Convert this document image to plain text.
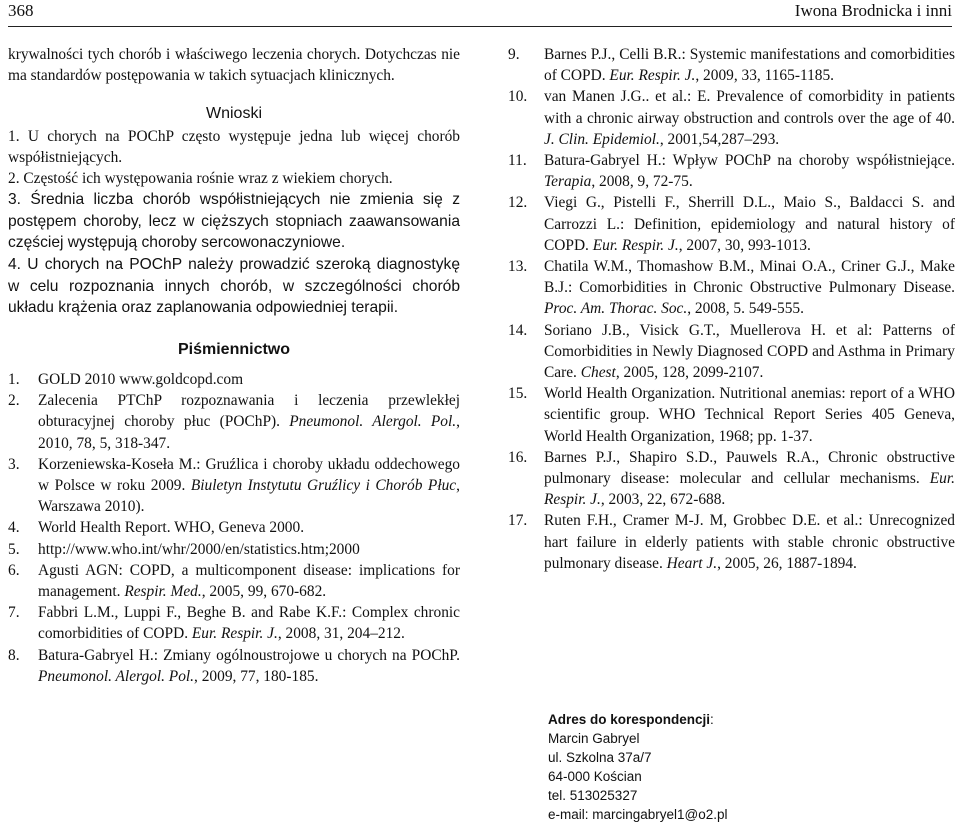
368	Iwona Brodnicka i inni

krywalności tych chorób i właściwego leczenia chorych. Dotychczas nie ma standardów postępowania w takich sytuacjach klinicznych.

Wnioski

1. U chorych na POChP często występuje jedna lub więcej chorób współistniejących.

2. Częstość ich występowania rośnie wraz z wiekiem chorych.

3. Średnia liczba chorób współistniejących nie zmienia się z postępem choroby, lecz w cięższych stopniach zaawansowania częściej występują choroby sercowonaczyniowe.

4. U chorych na POChP należy prowadzić szeroką diagnostykę w celu rozpoznania innych chorób, w szczególności chorób układu krążenia oraz zaplanowania odpowiedniej terapii.

Piśmiennictwo

1.	GOLD 2010 www.goldcopd.com
2.	Zalecenia PTChP rozpoznawania i leczenia przewlekłej obturacyjnej choroby płuc (POChP). Pneumonol. Alergol. Pol., 2010, 78, 5, 318-347.
3.	Korzeniewska-Koseła M.: Gruźlica i choroby układu oddechowego w Polsce w roku 2009. Biuletyn Instytutu Gruźlicy i Chorób Płuc, Warszawa 2010).
4.	World Health Report. WHO, Geneva 2000.
5.	http://www.who.int/whr/2000/en/statistics.htm;2000
6.	Agusti AGN: COPD, a multicomponent disease: implications for management. Respir. Med., 2005, 99, 670-682.
7.	Fabbri L.M., Luppi F., Beghe B. and Rabe K.F.: Complex chronic comorbidities of COPD. Eur. Respir. J., 2008, 31, 204–212.
8.	Batura-Gabryel H.: Zmiany ogólnoustrojowe u chorych na POChP. Pneumonol. Alergol. Pol., 2009, 77, 180-185.
9.	Barnes P.J., Celli B.R.: Systemic manifestations and comorbidities of COPD. Eur. Respir. J., 2009, 33, 1165-1185.
10.	van Manen J.G.. et al.: E. Prevalence of comorbidity in patients with a chronic airway obstruction and controls over the age of 40. J. Clin. Epidemiol., 2001,54,287–293.
11.	Batura-Gabryel H.: Wpływ POChP na choroby współistniejące. Terapia, 2008, 9, 72-75.
12.	Viegi G., Pistelli F., Sherrill D.L., Maio S., Baldacci S. and Carrozzi L.: Definition, epidemiology and natural history of COPD. Eur. Respir. J., 2007, 30, 993-1013.
13.	Chatila W.M., Thomashow B.M., Minai O.A., Criner G.J., Make B.J.: Comorbidities in Chronic Obstructive Pulmonary Disease. Proc. Am. Thorac. Soc., 2008, 5. 549-555.
14.	Soriano J.B., Visick G.T., Muellerova H. et al: Patterns of Comorbidities in Newly Diagnosed COPD and Asthma in Primary Care. Chest, 2005, 128, 2099-2107.
15.	World Health Organization. Nutritional anemias: report of a WHO scientific group. WHO Technical Report Series 405 Geneva, World Health Organization, 1968; pp. 1-37.
16.	Barnes P.J., Shapiro S.D., Pauwels R.A., Chronic obstructive pulmonary disease: molecular and cellular mechanisms. Eur. Respir. J., 2003, 22, 672-688.
17.	Ruten F.H., Cramer M-J. M, Grobbec D.E. et al.: Unrecognized hart failure in elderly patients with stable chronic obstructive pulmonary disease. Heart J., 2005, 26, 1887-1894.
Adres do korespondencji:
Marcin Gabryel
ul. Szkolna 37a/7
64-000 Kościan
tel. 513025327
e-mail: marcingabryel1@o2.pl
